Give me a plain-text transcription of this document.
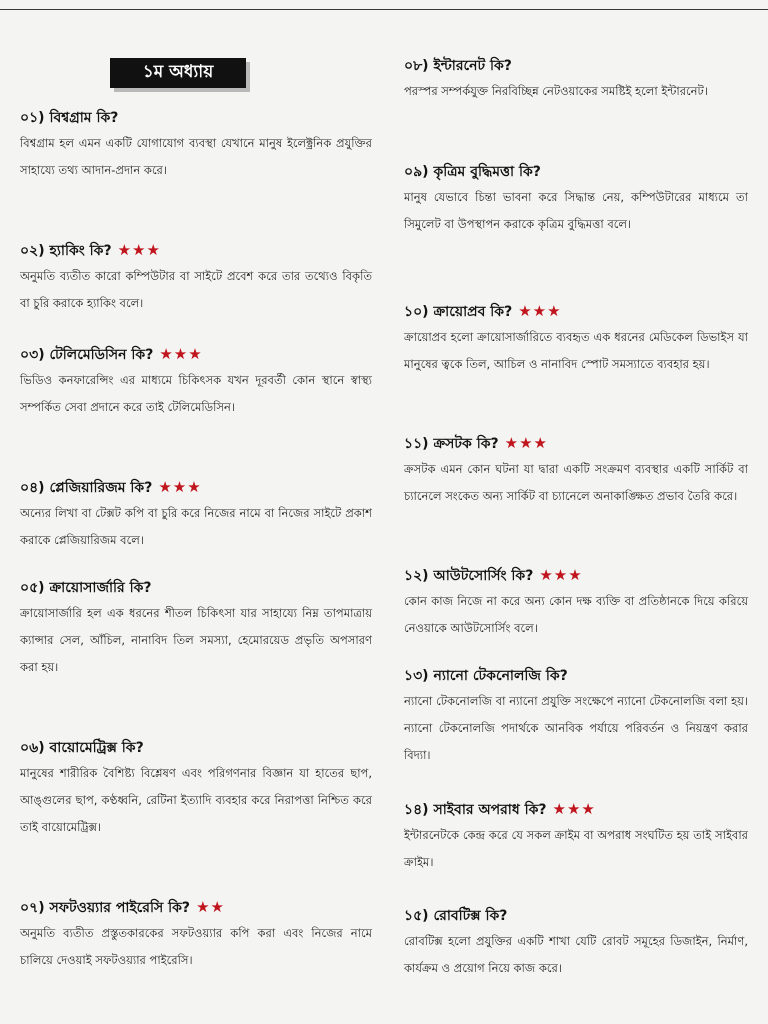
১ম অধ্যায়
০১) বিশ্বগ্রাম কি?
বিশ্বগ্রাম হল এমন একটি যোগাযোগ ব্যবস্থা যেখানে মানুষ ইলেক্ট্রনিক প্রযুক্তির সাহায্যে তথ্য আদান-প্রদান করে।
০২) হ্যাকিং কি? ★★★
অনুমতি ব্যতীত কারো কম্পিউটার বা সাইটে প্রবেশ করে তার তথ্যেও বিকৃতি বা চুরি করাকে হ্যাকিং বলে।
০৩) টেলিমেডিসিন কি? ★★★
ভিডিও কনফারেন্সিং এর মাধ্যমে চিকিৎসক যখন দূরবর্তী কোন স্থানে স্বাস্থ্য সম্পর্কিত সেবা প্রদানে করে তাই টেলিমেডিসিন।
০৪) প্লেজিয়ারিজম কি? ★★★
অন্যের লিখা বা টেক্সট কপি বা চুরি করে নিজের নামে বা নিজের সাইটে প্রকাশ করাকে প্লেজিয়ারিজম বলে।
০৫) ক্রায়োসার্জারি কি?
ক্রায়োসার্জারি হল এক ধরনের শীতল চিকিৎসা যার সাহায্যে নিম্ন তাপমাত্রায় ক্যান্সার সেল, আঁচিল, নানাবিদ তিল সমস্যা, হেমোরয়েড প্রভৃতি অপসারণ করা হয়।
০৬) বায়োমেট্রিক্স কি?
মানুষের শারীরিক বৈশিষ্ট্য বিশ্লেষণ এবং পরিগণনার বিজ্ঞান যা হাতের ছাপ, আঙ্গুলের ছাপ, কণ্ঠধ্বনি, রেটিনা ইত্যাদি ব্যবহার করে নিরাপত্তা নিশ্চিত করে তাই বায়োমেট্রিক্স।
০৭) সফটওয়্যার পাইরেসি কি? ★★
অনুমতি ব্যতীত প্রস্তুতকারকের সফটওয়্যার কপি করা এবং নিজের নামে চালিয়ে দেওয়াই সফটওয়্যার পাইরেসি।
০৮) ইন্টারনেট কি?
পরস্পর সম্পর্কযুক্ত নিরবিচ্ছিন্ন নেটওয়াকের সমষ্টিই হলো ইন্টারনেট।
০৯) কৃত্রিম বুদ্ধিমত্তা কি?
মানুষ যেভাবে চিন্তা ভাবনা করে সিদ্ধান্ত নেয়, কম্পিউটারের মাধ্যমে তা সিমুলেট বা উপস্থাপন করাকে কৃত্রিম বুদ্ধিমত্তা বলে।
১০) ক্রায়োপ্রব কি? ★★★
ক্রায়োপ্রব হলো ক্রায়োসার্জারিতে ব্যবহৃত এক ধরনের মেডিকেল ডিভাইস যা মানুষের ত্বকে তিল, আচিল ও নানাবিদ স্পোট সমস্যাতে ব্যবহার হয়।
১১) ক্রসটক কি? ★★★
ক্রসটক এমন কোন ঘটনা যা দ্বারা একটি সংক্রমণ ব্যবস্থার একটি সার্কিট বা চ্যানেলে সংকেত অন্য সার্কিট বা চ্যানেলে অনাকাঙ্ক্ষিত প্রভাব তৈরি করে।
১২) আউটসোর্সিং কি? ★★★
কোন কাজ নিজে না করে অন্য কোন দক্ষ ব্যক্তি বা প্রতিষ্ঠানকে দিয়ে করিয়ে নেওয়াকে আউটসোর্সিং বলে।
১৩) ন্যানো টেকনোলজি কি?
ন্যানো টেকনোলজি বা ন্যানো প্রযুক্তি সংক্ষেপে ন্যানো টেকনোলজি বলা হয়। ন্যানো টেকনোলজি পদার্থকে আনবিক পর্যায়ে পরিবর্তন ও নিয়ন্ত্রণ করার বিদ্যা।
১৪) সাইবার অপরাধ কি? ★★★
ইন্টারনেটকে কেন্দ্র করে যে সকল ক্রাইম বা অপরাধ সংঘটিত হয় তাই সাইবার ক্রাইম।
১৫) রোবটিক্স কি?
রোবটিক্স হলো প্রযুক্তির একটি শাখা যেটি রোবট সমূহের ডিজাইন, নির্মাণ, কার্যক্রম ও প্রয়োগ নিয়ে কাজ করে।
